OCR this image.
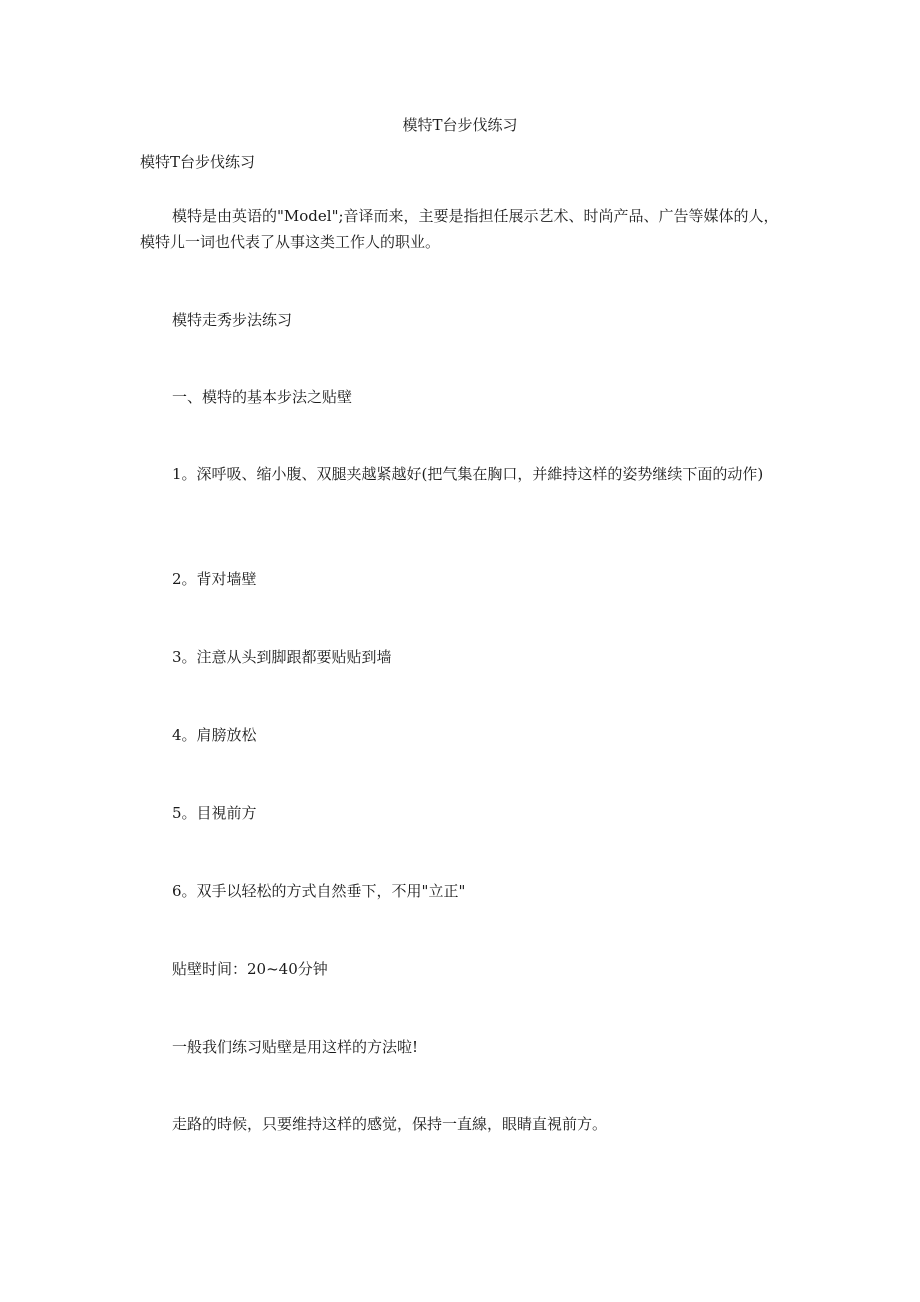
模特T台步伐练习
模特T台步伐练习

模特是由英语的"Model";音译而来，主要是指担任展示艺术、时尚产品、广告等媒体的人，模特儿一词也代表了从事这类工作人的职业。

模特走秀步法练习

一、模特的基本步法之贴壁

1。深呼吸、缩小腹、双腿夹越紧越好(把气集在胸口，并維持这样的姿势继续下面的动作)

2。背对墙壁

3。注意从头到脚跟都要贴贴到墙

4。肩膀放松

5。目視前方

6。双手以轻松的方式自然垂下，不用"立正"

贴壁时间：20~40分钟

一般我们练习贴壁是用这样的方法啦!

走路的時候，只要维持这样的感觉，保持一直線，眼睛直視前方。
